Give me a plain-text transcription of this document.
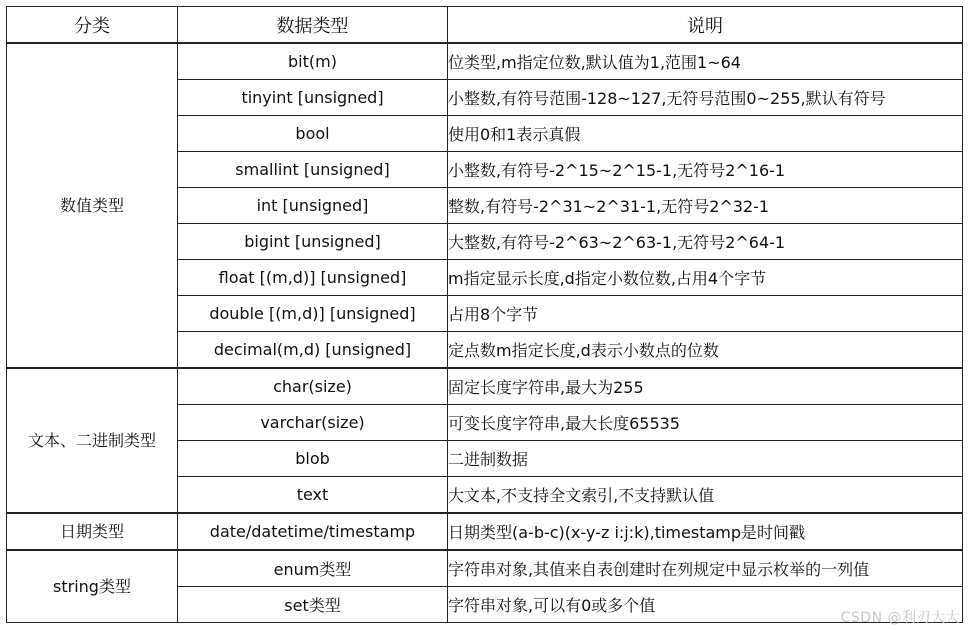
分类	数据类型	说明
数值类型	bit(m)	位类型,m指定位数,默认值为1,范围1~64
	tinyint [unsigned]	小整数,有符号范围-128~127,无符号范围0~255,默认有符号
	bool	使用0和1表示真假
	smallint [unsigned]	小整数,有符号-2^15~2^15-1,无符号2^16-1
	int [unsigned]	整数,有符号-2^31~2^31-1,无符号2^32-1
	bigint [unsigned]	大整数,有符号-2^63~2^63-1,无符号2^64-1
	float [(m,d)] [unsigned]	m指定显示长度,d指定小数位数,占用4个字节
	double [(m,d)] [unsigned]	占用8个字节
	decimal(m,d) [unsigned]	定点数m指定长度,d表示小数点的位数
文本、二进制类型	char(size)	固定长度字符串,最大为255
	varchar(size)	可变长度字符串,最大长度65535
	blob	二进制数据
	text	大文本,不支持全文索引,不支持默认值
日期类型	date/datetime/timestamp	日期类型(a-b-c)(x-y-z i:j:k),timestamp是时间戳
string类型	enum类型	字符串对象,其值来自表创建时在列规定中显示枚举的一列值
	set类型	字符串对象,可以有0或多个值
CSDN @利刃大大
